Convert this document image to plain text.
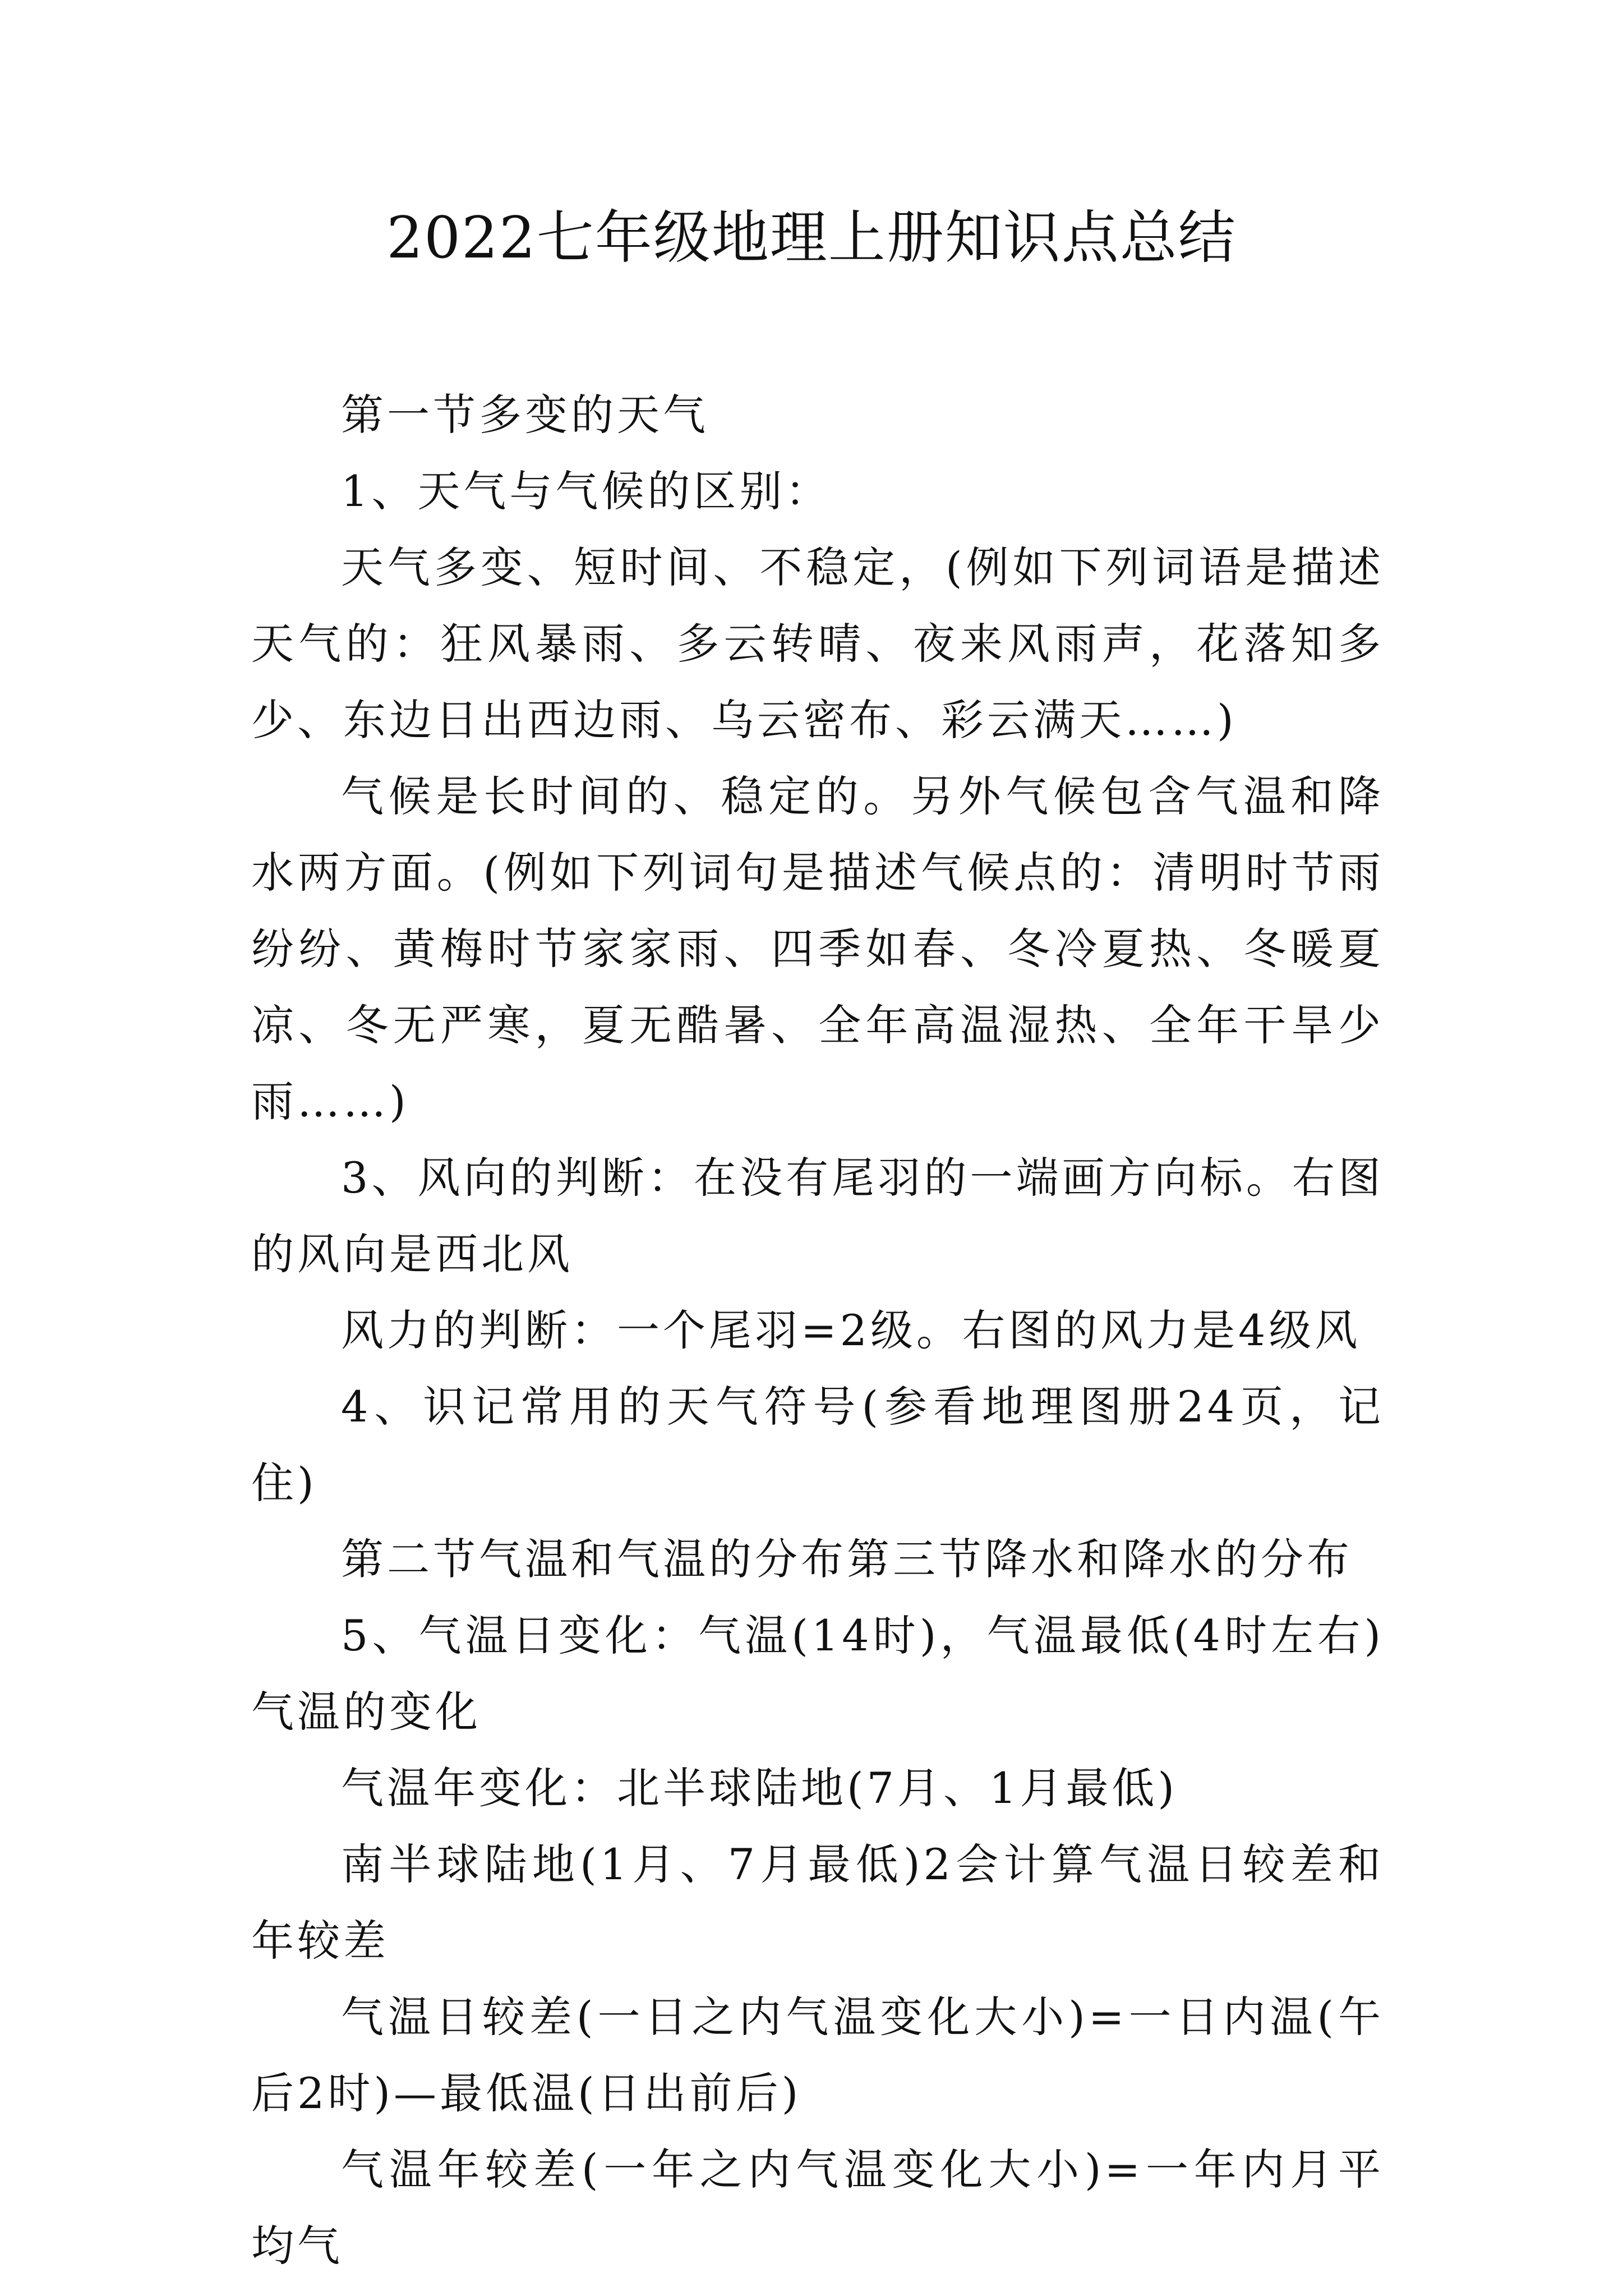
2022七年级地理上册知识点总结

第一节多变的天气

1、天气与气候的区别：

天气多变、短时间、不稳定，(例如下列词语是描述天气的：狂风暴雨、多云转晴、夜来风雨声，花落知多少、东边日出西边雨、乌云密布、彩云满天……)

气候是长时间的、稳定的。另外气候包含气温和降水两方面。(例如下列词句是描述气候点的：清明时节雨纷纷、黄梅时节家家雨、四季如春、冬冷夏热、冬暖夏凉、冬无严寒，夏无酷暑、全年高温湿热、全年干旱少雨……)

3、风向的判断：在没有尾羽的一端画方向标。右图的风向是西北风

风力的判断：一个尾羽=2级。右图的风力是4级风

4、识记常用的天气符号(参看地理图册24页，记住)

第二节气温和气温的分布第三节降水和降水的分布

5、气温日变化：气温(14时)，气温最低(4时左右)气温的变化

气温年变化：北半球陆地(7月、1月最低)

南半球陆地(1月、7月最低)2会计算气温日较差和年较差

气温日较差(一日之内气温变化大小)=一日内温(午后2时)—最低温(日出前后)

气温年较差(一年之内气温变化大小)=一年内月平均气
